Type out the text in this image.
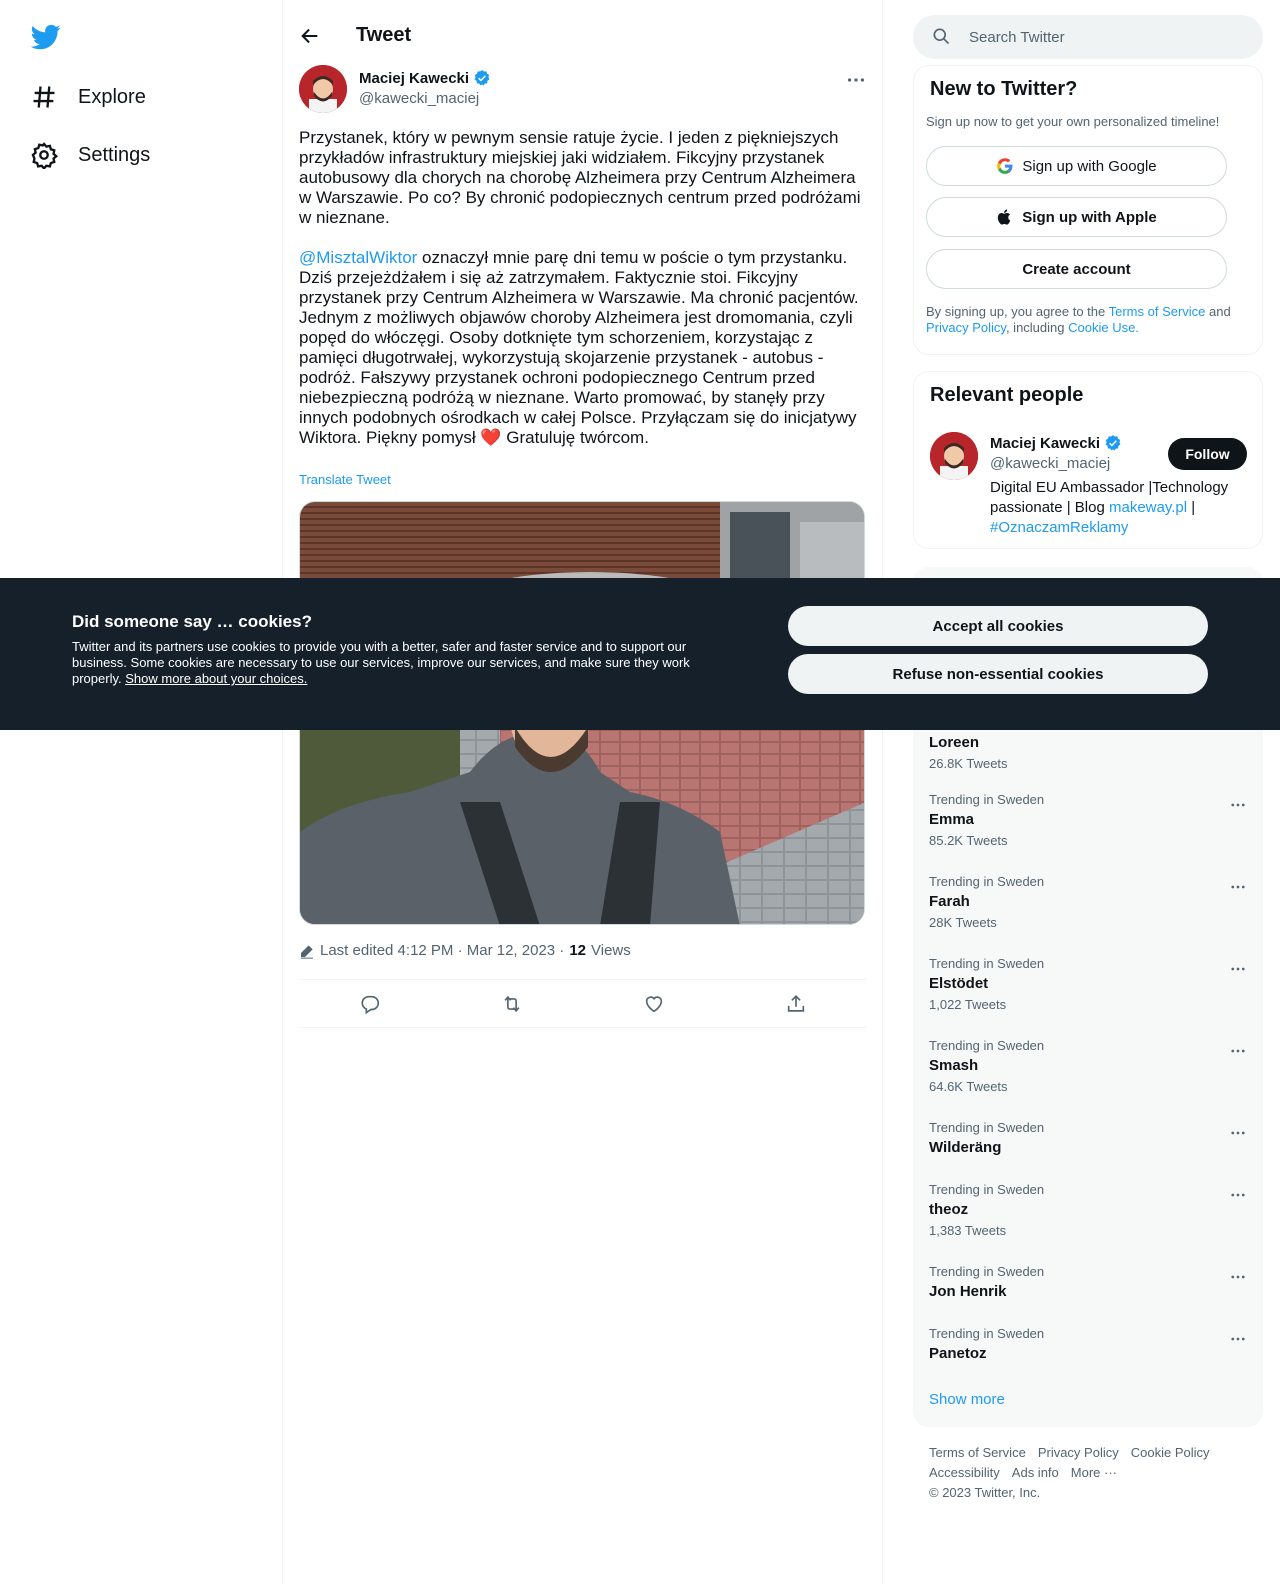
Explore
Settings
Tweet
Maciej Kawecki
@kawecki_maciej

Przystanek, który w pewnym sensie ratuje życie. I jeden z piękniejszych przykładów infrastruktury miejskiej jaki widziałem. Fikcyjny przystanek autobusowy dla chorych na chorobę Alzheimera przy Centrum Alzheimera w Warszawie. Po co? By chronić podopiecznych centrum przed podróżami w nieznane.

@MisztalWiktor oznaczył mnie parę dni temu w poście o tym przystanku. Dziś przejeżdżałem i się aż zatrzymałem. Faktycznie stoi. Fikcyjny przystanek przy Centrum Alzheimera w Warszawie. Ma chronić pacjentów. Jednym z możliwych objawów choroby Alzheimera jest dromomania, czyli popęd do włóczęgi. Osoby dotknięte tym schorzeniem, korzystając z pamięci długotrwałej, wykorzystują skojarzenie przystanek - autobus - podróż. Fałszywy przystanek ochroni podopiecznego Centrum przed niebezpieczną podróżą w nieznane. Warto promować, by stanęły przy innych podobnych ośrodkach w całej Polsce. Przyłączam się do inicjatywy Wiktora. Piękny pomysł ❤️ Gratuluję twórcom.

Translate Tweet
Last edited 4:12 PM · Mar 12, 2023 · 12 Views
Search Twitter
New to Twitter?
Sign up now to get your own personalized timeline!
Sign up with Google
Sign up with Apple
Create account
By signing up, you agree to the Terms of Service and Privacy Policy, including Cookie Use.
Relevant people
Maciej Kawecki
@kawecki_maciej
Follow
Digital EU Ambassador |Technology passionate | Blog makeway.pl | #OznaczamReklamy
Loreen
26.8K Tweets
Trending in Sweden
Emma
85.2K Tweets
Trending in Sweden
Farah
28K Tweets
Trending in Sweden
Elstödet
1,022 Tweets
Trending in Sweden
Smash
64.6K Tweets
Trending in Sweden
Wilderäng
Trending in Sweden
theoz
1,383 Tweets
Trending in Sweden
Jon Henrik
Trending in Sweden
Panetoz
Show more
Terms of Service Privacy Policy Cookie Policy
Accessibility Ads info More ···
© 2023 Twitter, Inc.
Did someone say … cookies?
Twitter and its partners use cookies to provide you with a better, safer and faster service and to support our business. Some cookies are necessary to use our services, improve our services, and make sure they work properly. Show more about your choices.
Accept all cookies
Refuse non-essential cookies
